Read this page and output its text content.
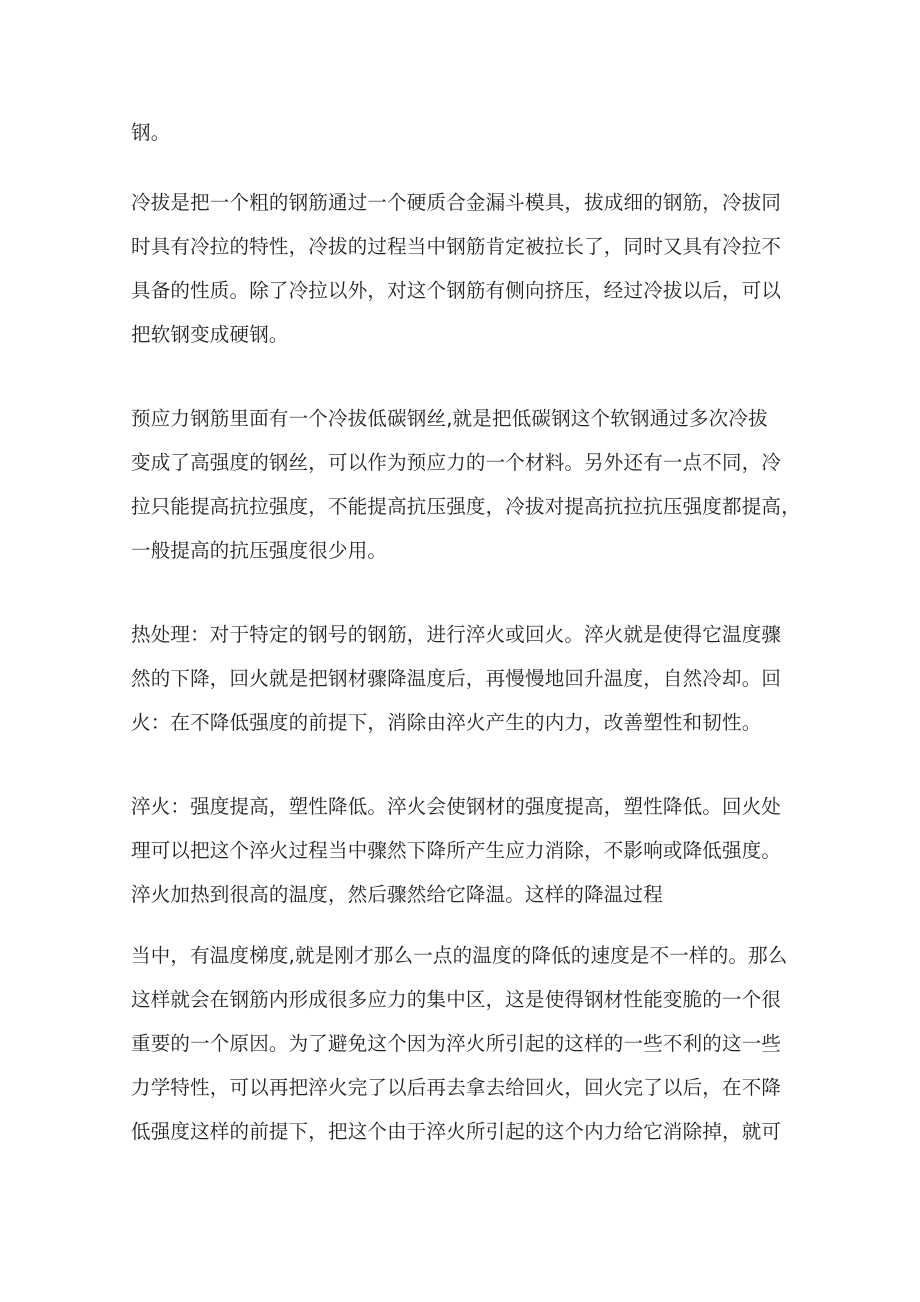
钢。
冷拔是把一个粗的钢筋通过一个硬质合金漏斗模具，拔成细的钢筋，冷拔同
时具有冷拉的特性，冷拔的过程当中钢筋肯定被拉长了，同时又具有冷拉不
具备的性质。除了冷拉以外，对这个钢筋有侧向挤压，经过冷拔以后，可以
把软钢变成硬钢。
预应力钢筋里面有一个冷拔低碳钢丝,就是把低碳钢这个软钢通过多次冷拔
变成了高强度的钢丝，可以作为预应力的一个材料。另外还有一点不同，冷
拉只能提高抗拉强度，不能提高抗压强度，冷拔对提高抗拉抗压强度都提高，
一般提高的抗压强度很少用。
热处理：对于特定的钢号的钢筋，进行淬火或回火。淬火就是使得它温度骤
然的下降，回火就是把钢材骤降温度后，再慢慢地回升温度，自然冷却。回
火：在不降低强度的前提下，消除由淬火产生的内力，改善塑性和韧性。
淬火：强度提高，塑性降低。淬火会使钢材的强度提高，塑性降低。回火处
理可以把这个淬火过程当中骤然下降所产生应力消除，不影响或降低强度。
淬火加热到很高的温度，然后骤然给它降温。这样的降温过程
当中，有温度梯度,就是刚才那么一点的温度的降低的速度是不一样的。那么
这样就会在钢筋内形成很多应力的集中区，这是使得钢材性能变脆的一个很
重要的一个原因。为了避免这个因为淬火所引起的这样的一些不利的这一些
力学特性，可以再把淬火完了以后再去拿去给回火，回火完了以后，在不降
低强度这样的前提下，把这个由于淬火所引起的这个内力给它消除掉，就可
